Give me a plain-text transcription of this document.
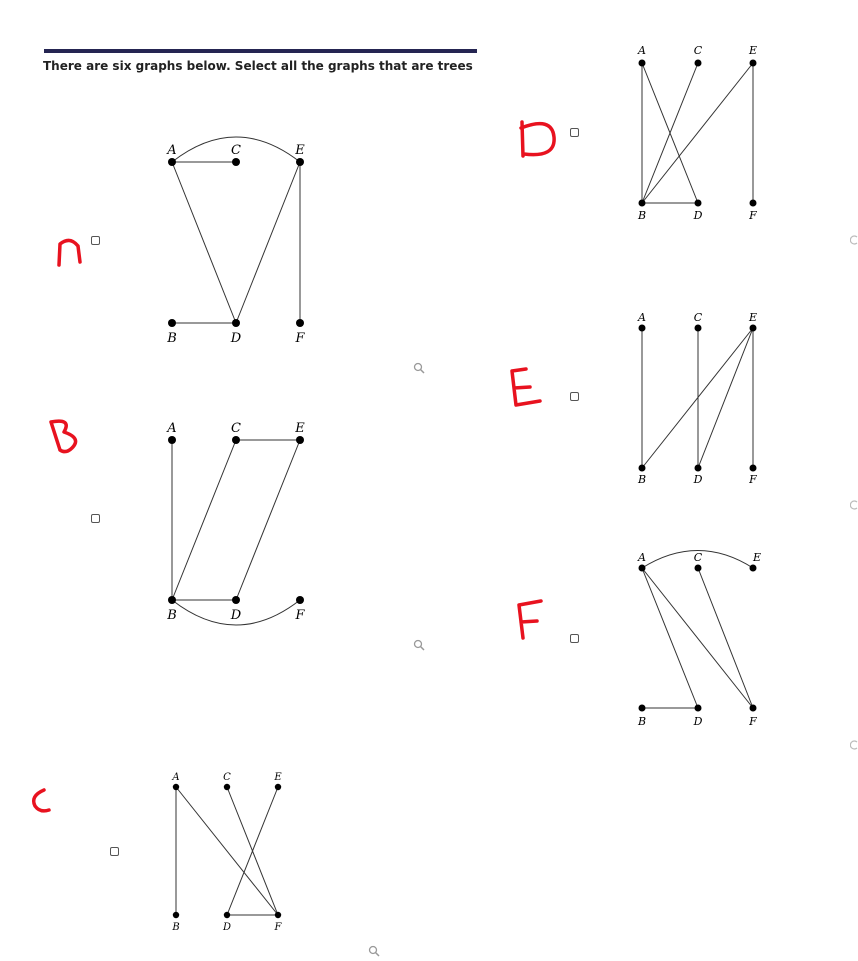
There are six graphs below. Select all the graphs that are trees
A	C	E
B	D	F
A	C	E
B	D	F
A	C	E
B	D	F
A	C	E
B	D	F
A	C	E
B	D	F
A	C	E
B	D	F
